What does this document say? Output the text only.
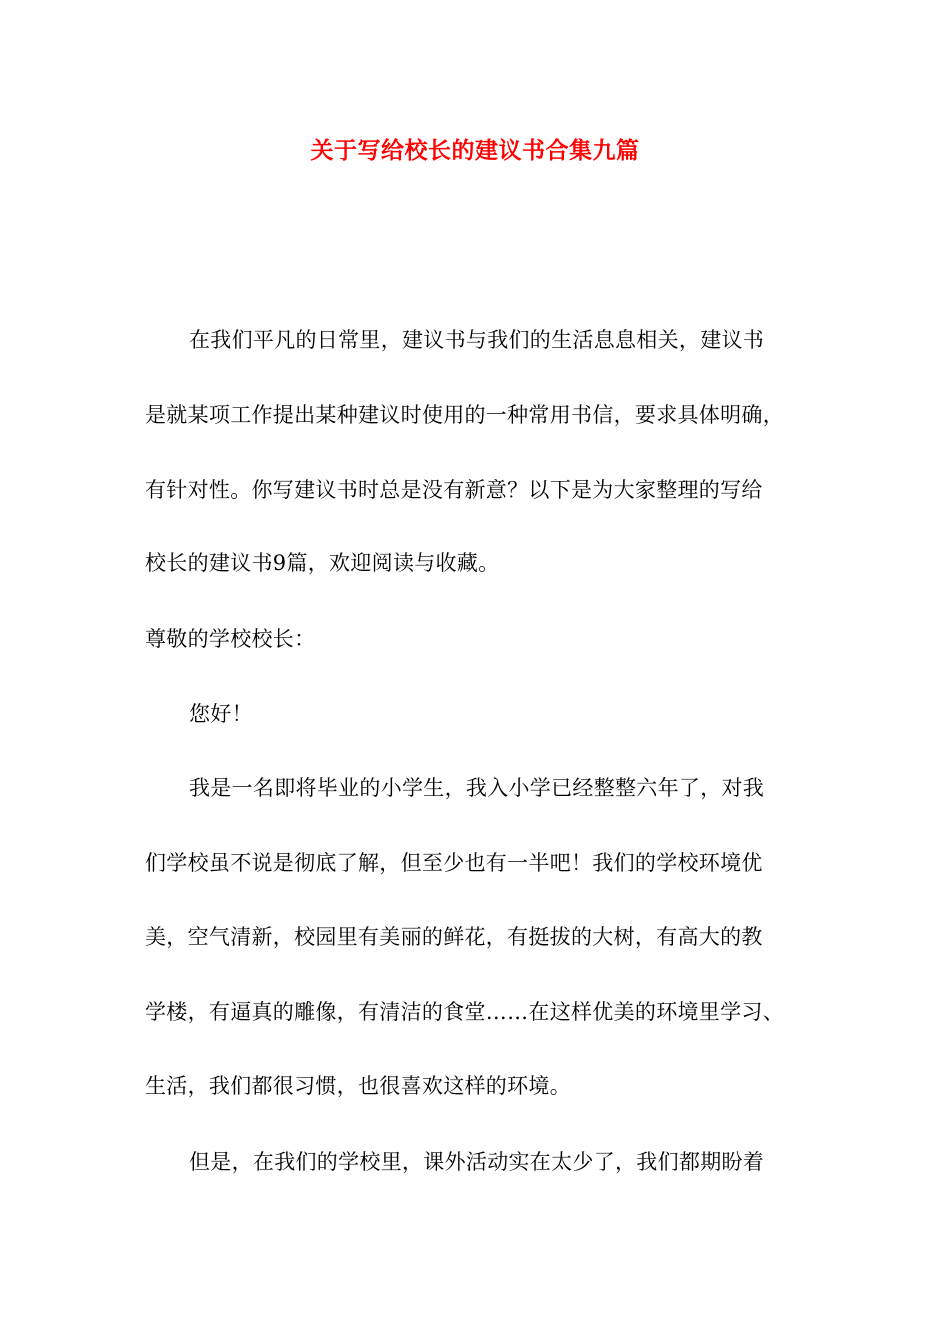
关于写给校长的建议书合集九篇
在我们平凡的日常里，建议书与我们的生活息息相关，建议书
是就某项工作提出某种建议时使用的一种常用书信，要求具体明确，
有针对性。你写建议书时总是没有新意？以下是为大家整理的写给
校长的建议书9篇，欢迎阅读与收藏。
尊敬的学校校长：
您好！
我是一名即将毕业的小学生，我入小学已经整整六年了，对我
们学校虽不说是彻底了解，但至少也有一半吧！我们的学校环境优
美，空气清新，校园里有美丽的鲜花，有挺拔的大树，有高大的教
学楼，有逼真的雕像，有清洁的食堂……在这样优美的环境里学习、
生活，我们都很习惯，也很喜欢这样的环境。
但是，在我们的学校里，课外活动实在太少了，我们都期盼着
